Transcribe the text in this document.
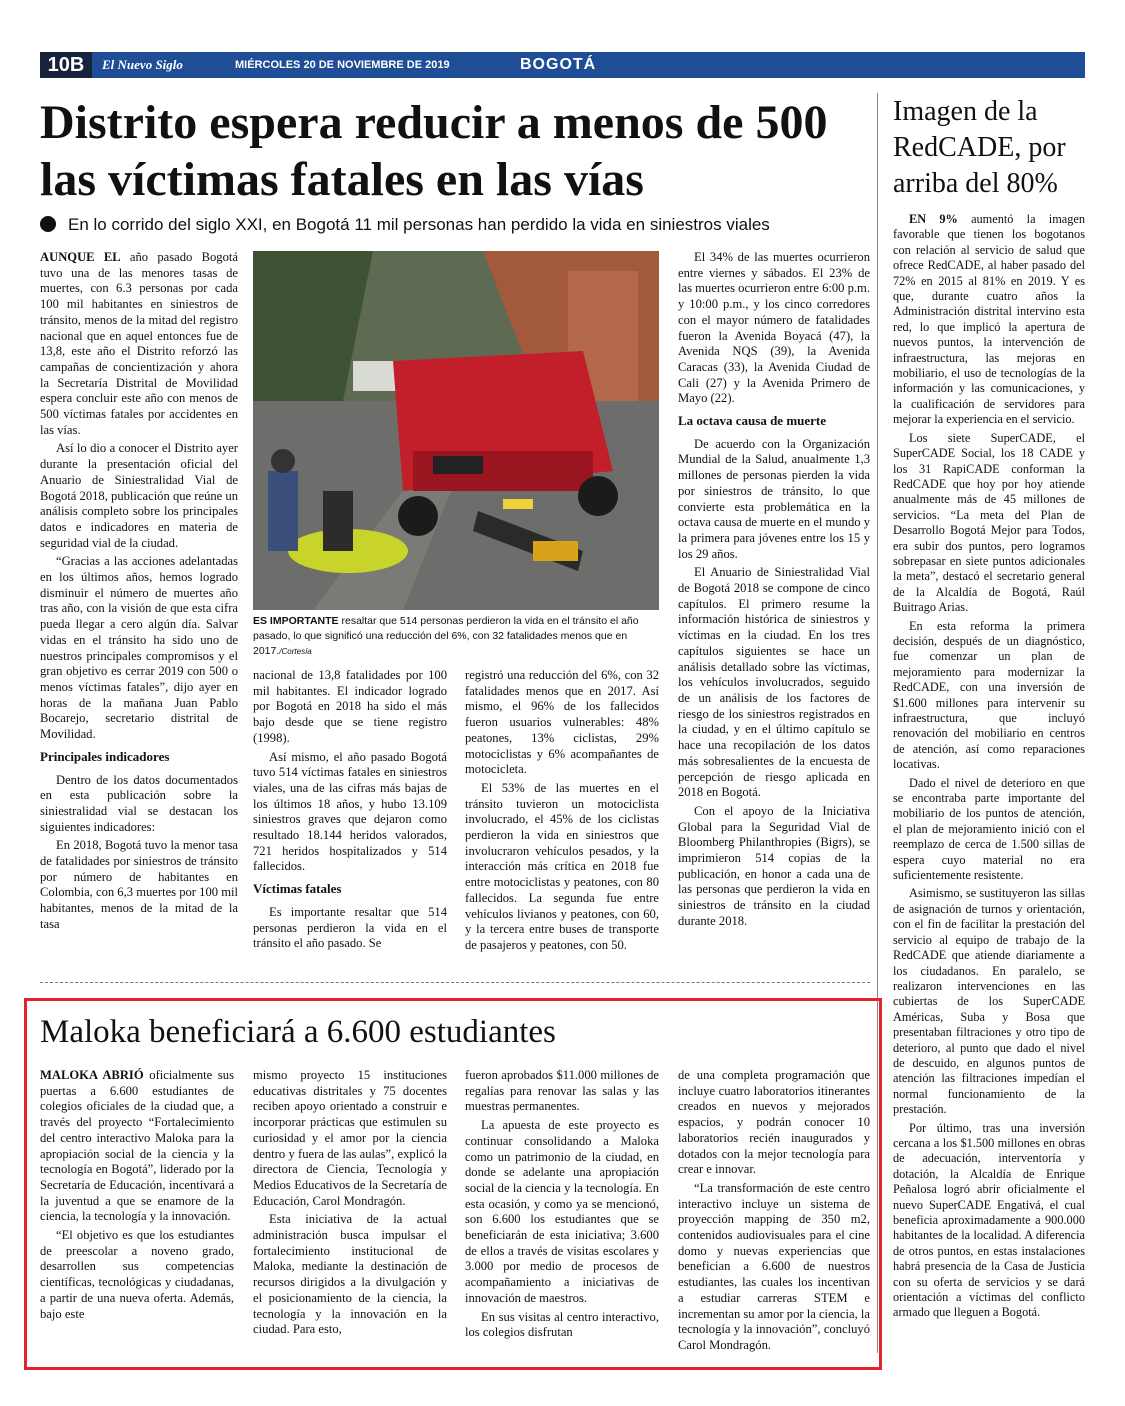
10B	El Nuevo Siglo	MIÉRCOLES 20 DE NOVIEMBRE DE 2019	BOGOTÁ
Distrito espera reducir a menos de 500 las víctimas fatales en las vías
En lo corrido del siglo XXI, en Bogotá 11 mil personas han perdido la vida en siniestros viales

AUNQUE EL año pasado Bogotá tuvo una de las menores tasas de muertes, con 6.3 personas por cada 100 mil habitantes en siniestros de tránsito, menos de la mitad del registro nacional que en aquel entonces fue de 13,8, este año el Distrito reforzó las campañas de concientización y ahora la Secretaría Distrital de Movilidad espera concluir este año con menos de 500 víctimas fatales por accidentes en las vías.

Así lo dio a conocer el Distrito ayer durante la presentación oficial del Anuario de Siniestralidad Vial de Bogotá 2018, publicación que reúne un análisis completo sobre los principales datos e indicadores en materia de seguridad vial de la ciudad.

“Gracias a las acciones adelantadas en los últimos años, hemos logrado disminuir el número de muertes año tras año, con la visión de que esta cifra pueda llegar a cero algún día. Salvar vidas en el tránsito ha sido uno de nuestros principales compromisos y el gran objetivo es cerrar 2019 con 500 o menos víctimas fatales”, dijo ayer en horas de la mañana Juan Pablo Bocarejo, secretario distrital de Movilidad.

Principales indicadores

Dentro de los datos documentados en esta publicación sobre la siniestralidad vial se destacan los siguientes indicadores:

En 2018, Bogotá tuvo la menor tasa de fatalidades por siniestros de tránsito por número de habitantes en Colombia, con 6,3 muertes por 100 mil habitantes, menos de la mitad de la tasa

ES IMPORTANTE resaltar que 514 personas perdieron la vida en el tránsito el año pasado, lo que significó una reducción del 6%, con 32 fatalidades menos que en 2017./Cortesía

nacional de 13,8 fatalidades por 100 mil habitantes. El indicador logrado por Bogotá en 2018 ha sido el más bajo desde que se tiene registro (1998).

Así mismo, el año pasado Bogotá tuvo 514 víctimas fatales en siniestros viales, una de las cifras más bajas de los últimos 18 años, y hubo 13.109 siniestros graves que dejaron como resultado 18.144 heridos valorados, 721 heridos hospitalizados y 514 fallecidos.

Víctimas fatales

Es importante resaltar que 514 personas perdieron la vida en el tránsito el año pasado. Se

registró una reducción del 6%, con 32 fatalidades menos que en 2017. Así mismo, el 96% de los fallecidos fueron usuarios vulnerables: 48% peatones, 13% ciclistas, 29% motociclistas y 6% acompañantes de motocicleta.

El 53% de las muertes en el tránsito tuvieron un motociclista involucrado, el 45% de los ciclistas perdieron la vida en siniestros que involucraron vehículos pesados, y la interacción más crítica en 2018 fue entre motociclistas y peatones, con 80 fallecidos. La segunda fue entre vehículos livianos y peatones, con 60, y la tercera entre buses de transporte de pasajeros y peatones, con 50.

El 34% de las muertes ocurrieron entre viernes y sábados. El 23% de las muertes ocurrieron entre 6:00 p.m. y 10:00 p.m., y los cinco corredores con el mayor número de fatalidades fueron la Avenida Boyacá (47), la Avenida NQS (39), la Avenida Caracas (33), la Avenida Ciudad de Cali (27) y la Avenida Primero de Mayo (22).

La octava causa de muerte

De acuerdo con la Organización Mundial de la Salud, anualmente 1,3 millones de personas pierden la vida por siniestros de tránsito, lo que convierte esta problemática en la octava causa de muerte en el mundo y la primera para jóvenes entre los 15 y los 29 años.

El Anuario de Siniestralidad Vial de Bogotá 2018 se compone de cinco capítulos. El primero resume la información histórica de siniestros y víctimas en la ciudad. En los tres capítulos siguientes se hace un análisis detallado sobre las víctimas, los vehículos involucrados, seguido de un análisis de los factores de riesgo de los siniestros registrados en la ciudad, y en el último capítulo se hace una recopilación de los datos más sobresalientes de la encuesta de percepción de riesgo aplicada en 2018 en Bogotá.

Con el apoyo de la Iniciativa Global para la Seguridad Vial de Bloomberg Philanthropies (Bigrs), se imprimieron 514 copias de la publicación, en honor a cada una de las personas que perdieron la vida en siniestros de tránsito en la ciudad durante 2018.

Imagen de la RedCADE, por arriba del 80%

EN 9% aumentó la imagen favorable que tienen los bogotanos con relación al servicio de salud que ofrece RedCADE, al haber pasado del 72% en 2015 al 81% en 2019. Y es que, durante cuatro años la Administración distrital intervino esta red, lo que implicó la apertura de nuevos puntos, la intervención de infraestructura, las mejoras en mobiliario, el uso de tecnologías de la información y las comunicaciones, y la cualificación de servidores para mejorar la experiencia en el servicio.

Los siete SuperCADE, el SuperCADE Social, los 18 CADE y los 31 RapiCADE conforman la RedCADE que hoy por hoy atiende anualmente más de 45 millones de servicios. “La meta del Plan de Desarrollo Bogotá Mejor para Todos, era subir dos puntos, pero logramos sobrepasar en siete puntos adicionales la meta”, destacó el secretario general de la Alcaldía de Bogotá, Raúl Buitrago Arias.

En esta reforma la primera decisión, después de un diagnóstico, fue comenzar un plan de mejoramiento para modernizar la RedCADE, con una inversión de $1.600 millones para intervenir su infraestructura, que incluyó renovación del mobiliario en centros de atención, así como reparaciones locativas.

Dado el nivel de deterioro en que se encontraba parte importante del mobiliario de los puntos de atención, el plan de mejoramiento inició con el reemplazo de cerca de 1.500 sillas de espera cuyo material no era suficientemente resistente.

Asimismo, se sustituyeron las sillas de asignación de turnos y orientación, con el fin de facilitar la prestación del servicio al equipo de trabajo de la RedCADE que atiende diariamente a los ciudadanos. En paralelo, se realizaron intervenciones en las cubiertas de los SuperCADE Américas, Suba y Bosa que presentaban filtraciones y otro tipo de deterioro, al punto que dado el nivel de descuido, en algunos puntos de atención las filtraciones impedían el normal funcionamiento de la prestación.

Por último, tras una inversión cercana a los $1.500 millones en obras de adecuación, interventoría y dotación, la Alcaldía de Enrique Peñalosa logró abrir oficialmente el nuevo SuperCADE Engativá, el cual beneficia aproximadamente a 900.000 habitantes de la localidad. A diferencia de otros puntos, en estas instalaciones habrá presencia de la Casa de Justicia con su oferta de servicios y se dará orientación a víctimas del conflicto armado que lleguen a Bogotá.

Maloka beneficiará a 6.600 estudiantes

MALOKA ABRIÓ oficialmente sus puertas a 6.600 estudiantes de colegios oficiales de la ciudad que, a través del proyecto “Fortalecimiento del centro interactivo Maloka para la apropiación social de la ciencia y la tecnología en Bogotá”, liderado por la Secretaría de Educación, incentivará a la juventud a que se enamore de la ciencia, la tecnología y la innovación.

“El objetivo es que los estudiantes de preescolar a noveno grado, desarrollen sus competencias científicas, tecnológicas y ciudadanas, a partir de una nueva oferta. Además, bajo este

mismo proyecto 15 instituciones educativas distritales y 75 docentes reciben apoyo orientado a construir e incorporar prácticas que estimulen su curiosidad y el amor por la ciencia dentro y fuera de las aulas”, explicó la directora de Ciencia, Tecnología y Medios Educativos de la Secretaría de Educación, Carol Mondragón.

Esta iniciativa de la actual administración busca impulsar el fortalecimiento institucional de Maloka, mediante la destinación de recursos dirigidos a la divulgación y el posicionamiento de la ciencia, la tecnología y la innovación en la ciudad. Para esto,

fueron aprobados $11.000 millones de regalías para renovar las salas y las muestras permanentes.

La apuesta de este proyecto es continuar consolidando a Maloka como un patrimonio de la ciudad, en donde se adelante una apropiación social de la ciencia y la tecnología. En esta ocasión, y como ya se mencionó, son 6.600 los estudiantes que se beneficiarán de esta iniciativa; 3.600 de ellos a través de visitas escolares y 3.000 por medio de procesos de acompañamiento a iniciativas de innovación de maestros.

En sus visitas al centro interactivo, los colegios disfrutan

de una completa programación que incluye cuatro laboratorios itinerantes creados en nuevos y mejorados espacios, y podrán conocer 10 laboratorios recién inaugurados y dotados con la mejor tecnología para crear e innovar.

“La transformación de este centro interactivo incluye un sistema de proyección mapping de 350 m2, contenidos audiovisuales para el cine domo y nuevas experiencias que benefician a 6.600 de nuestros estudiantes, las cuales los incentivan a estudiar carreras STEM e incrementan su amor por la ciencia, la tecnología y la innovación”, concluyó Carol Mondragón.
